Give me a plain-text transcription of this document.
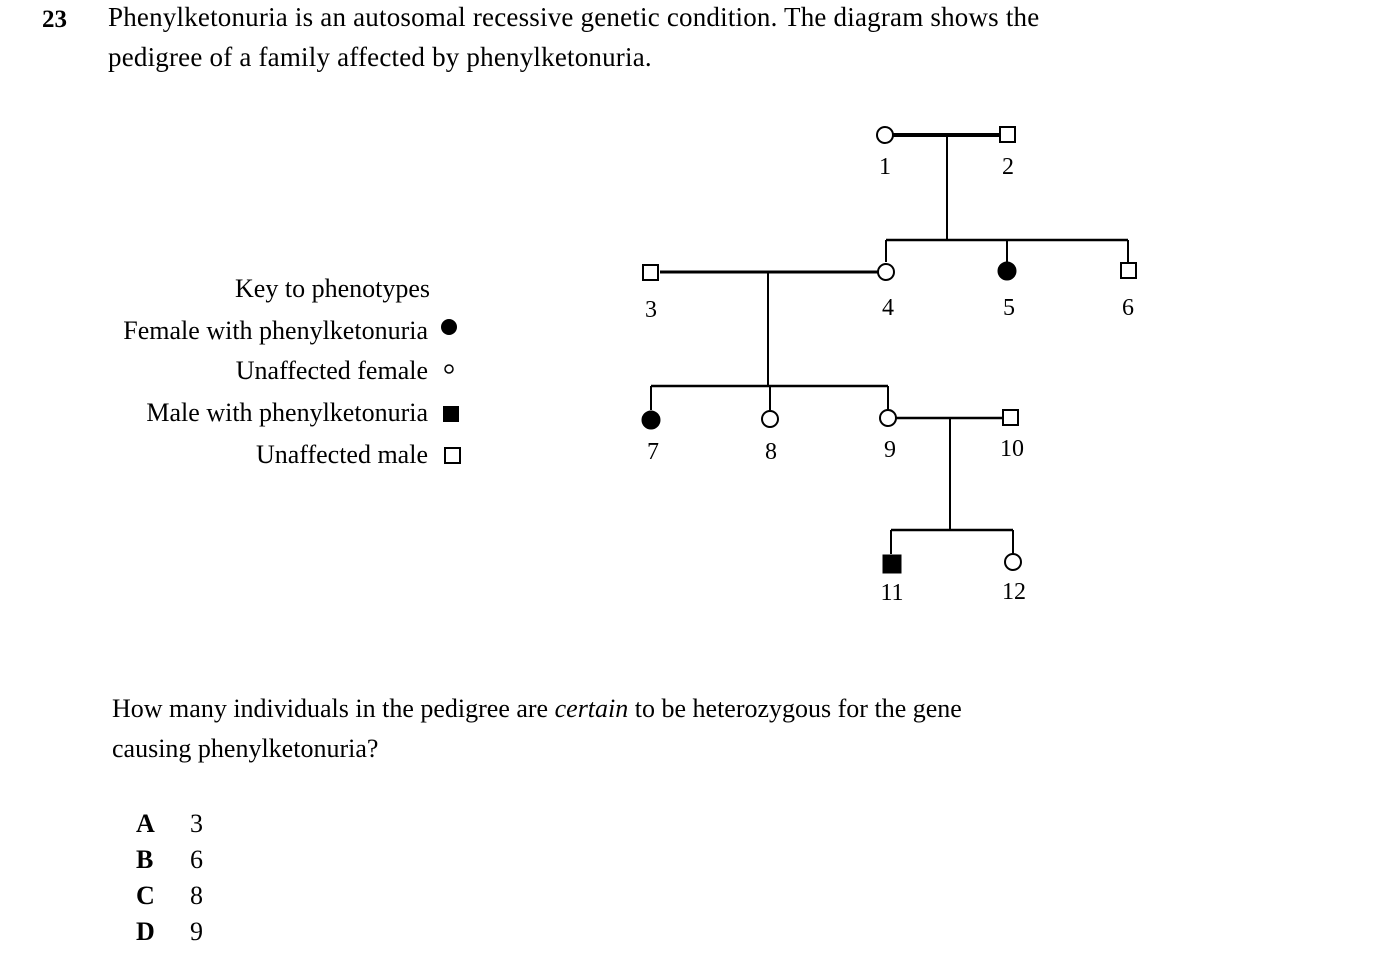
23 Phenylketonuria is an autosomal recessive genetic condition. The diagram shows the
pedigree of a family affected by phenylketonuria.
Key to phenotypes
Female with phenylketonuria
Unaffected female
Male with phenylketonuria
Unaffected male
1	2
3	4	5	6
7	8	9	10
11	12
How many individuals in the pedigree are certain to be heterozygous for the gene
causing phenylketonuria?
A 3
B 6
C 8
D 9
